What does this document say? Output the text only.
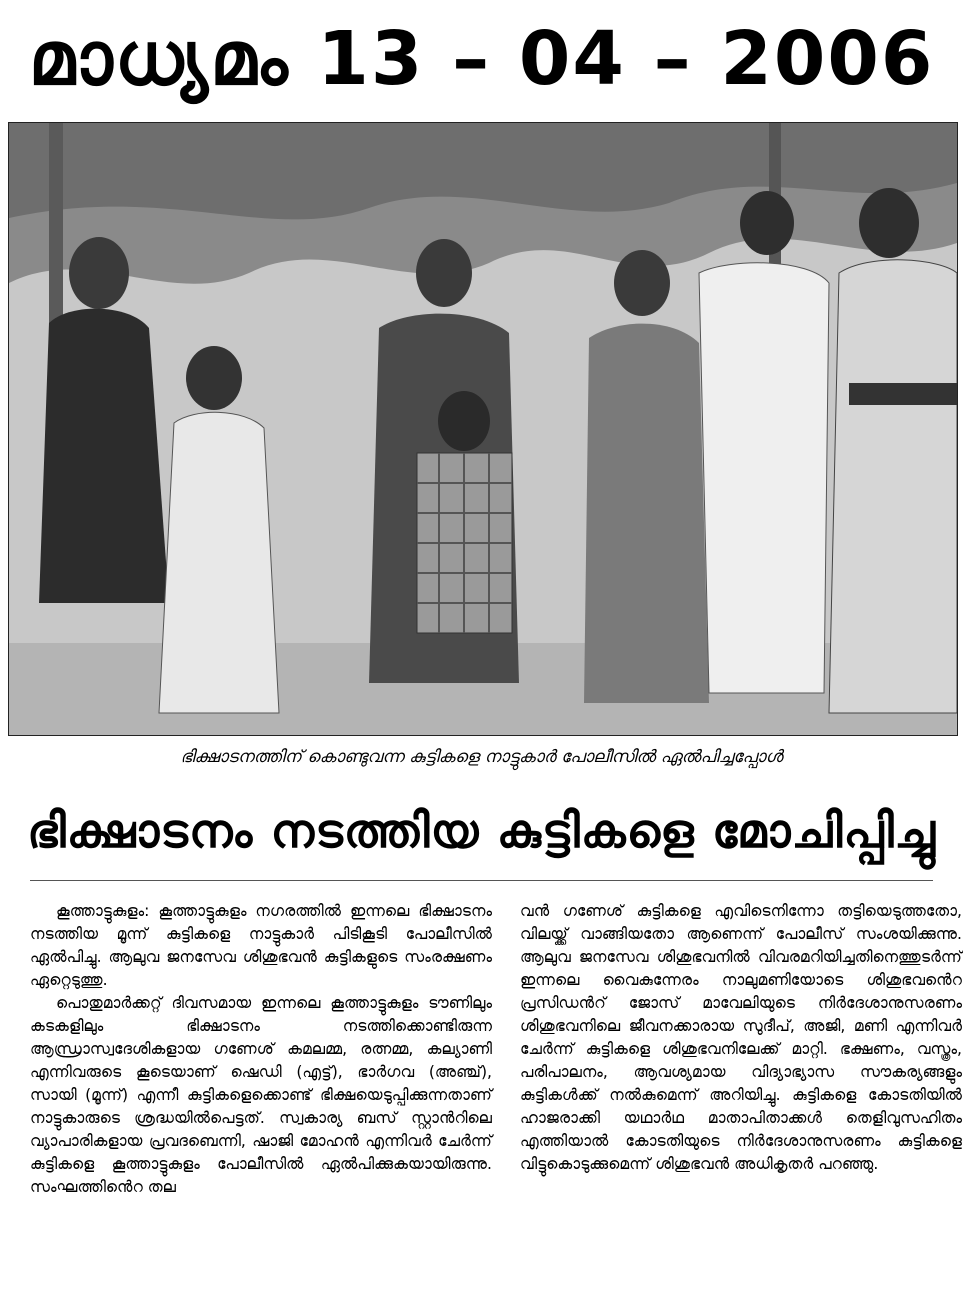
മാധ്യമം 13 – 04 – 2006
ഭിക്ഷാടനത്തിന് കൊണ്ടുവന്ന കുട്ടികളെ നാട്ടുകാർ പോലീസിൽ ഏൽപിച്ചപ്പോൾ
ഭിക്ഷാടനം നടത്തിയ കുട്ടികളെ മോചിപ്പിച്ചു

കൂത്താട്ടുകുളം: കൂത്താട്ടുകുളം നഗരത്തിൽ ഇന്നലെ ഭിക്ഷാടനം നടത്തിയ മൂന്ന് കുട്ടികളെ നാട്ടുകാർ പിടികൂടി പോലീസിൽ ഏൽപിച്ചു. ആലുവ ജനസേവ ശിശുഭവൻ കുട്ടികളുടെ സംരക്ഷണം ഏറ്റെടുത്തു.

പൊതുമാർക്കറ്റ് ദിവസമായ ഇന്നലെ കൂത്താട്ടുകുളം ടൗണിലും കടകളിലും ഭിക്ഷാടനം നടത്തിക്കൊണ്ടിരുന്ന ആന്ധ്രാസ്വദേശികളായ ഗണേശ് കമലമ്മ, രത്നമ്മ, കല്യാണി എന്നിവരുടെ കൂടെയാണ് ഷെഡി (എട്ട്), ഭാർഗവ (അഞ്ച്), സായി (മൂന്ന്) എന്നീ കുട്ടികളെക്കൊണ്ട് ഭിക്ഷയെടുപ്പിക്കുന്നതാണ് നാട്ടുകാരുടെ ശ്രദ്ധയിൽപെട്ടത്. സ്വകാര്യ ബസ് സ്റ്റാൻറിലെ വ്യാപാരികളായ പ്രവദബെന്നി, ഷാജി മോഹൻ എന്നിവർ ചേർന്ന് കുട്ടികളെ കൂത്താട്ടുകുളം പോലീസിൽ ഏൽപിക്കുകയായിരുന്നു. സംഘത്തിൻെറ തല

വൻ ഗണേശ് കുട്ടികളെ എവിടെനിന്നോ തട്ടിയെടുത്തതോ, വിലയ്ക്ക് വാങ്ങിയതോ ആണെന്ന് പോലീസ് സംശയിക്കുന്നു. ആലുവ ജനസേവ ശിശുഭവനിൽ വിവരമറിയിച്ചതിനെത്തുടർന്ന് ഇന്നലെ വൈകുന്നേരം നാലുമണിയോടെ ശിശുഭവൻെറ പ്രസിഡൻറ് ജോസ് മാവേലിയുടെ നിർദേശാനുസരണം ശിശുഭവനിലെ ജീവനക്കാരായ സുദീപ്, അജി, മണി എന്നിവർ ചേർന്ന് കുട്ടികളെ ശിശുഭവനിലേക്ക് മാറ്റി. ഭക്ഷണം, വസ്ത്രം, പരിപാലനം, ആവശ്യമായ വിദ്യാഭ്യാസ സൗകര്യങ്ങളും കുട്ടികൾക്ക് നൽകുമെന്ന് അറിയിച്ചു. കുട്ടികളെ കോടതിയിൽ ഹാജരാക്കി യഥാർഥ മാതാപിതാക്കൾ തെളിവുസഹിതം എത്തിയാൽ കോടതിയുടെ നിർദേശാനുസരണം കുട്ടികളെ വിട്ടുകൊടുക്കുമെന്ന് ശിശുഭവൻ അധികൃതർ പറഞ്ഞു.
